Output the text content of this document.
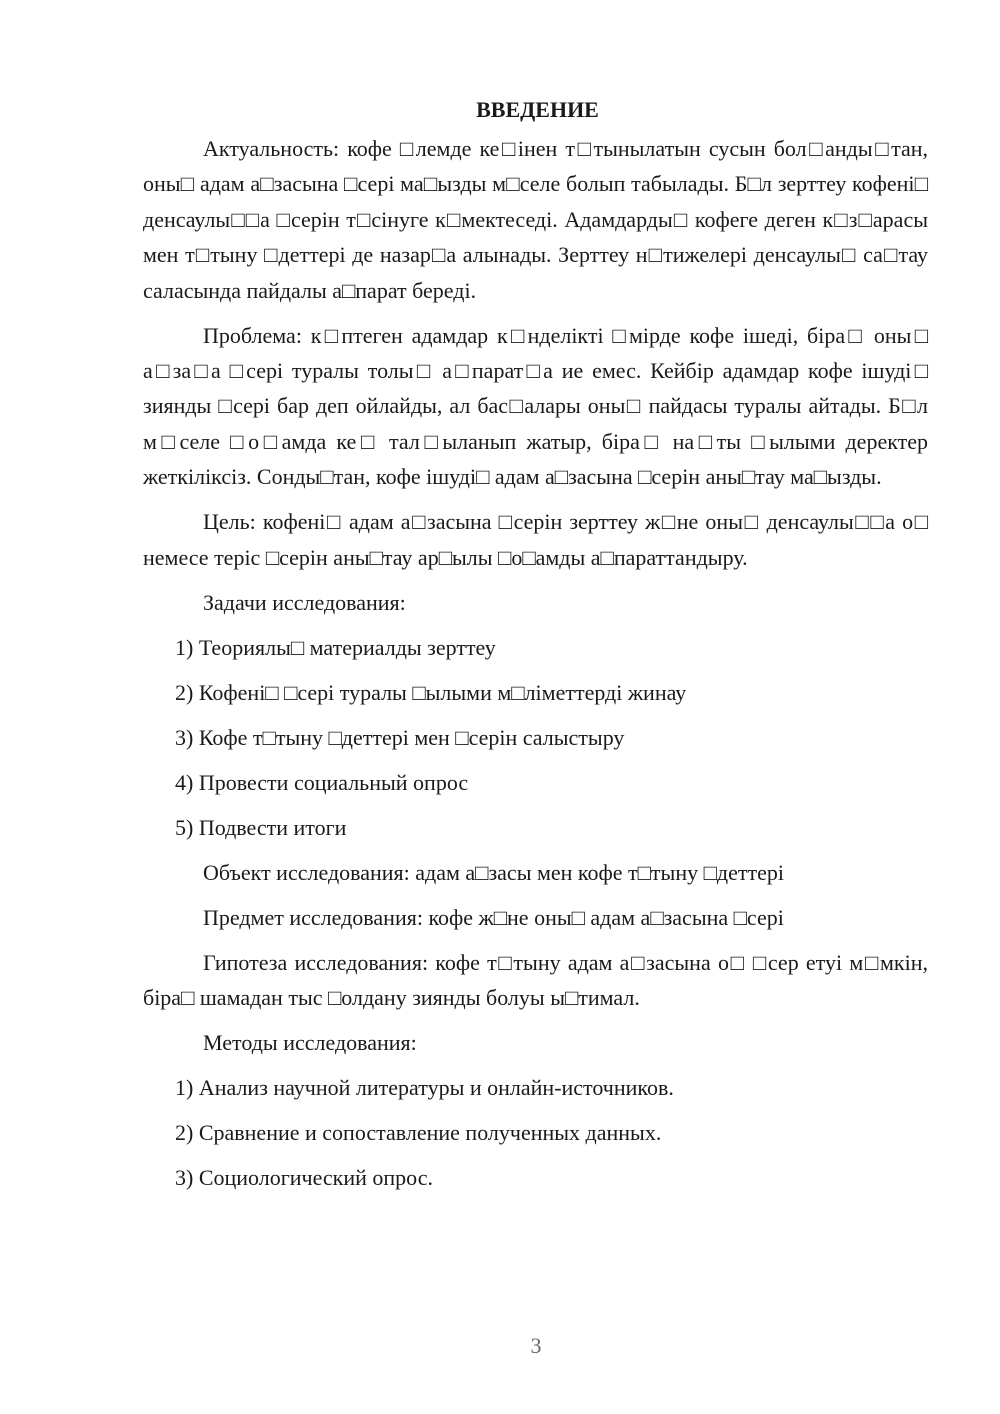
ВВЕДЕНИЕ

Актуальность: кофе □лемде ке□інен т□тынылатын сусын бол□анды□тан, оны□ адам а□засына □сері ма□ызды м□селе болып табылады. Б□л зерттеу кофені□ денсаулы□□а □серін т□сінуге к□мектеседі. Адамдарды□ кофеге деген к□з□арасы мен т□тыну □деттері де назар□а алынады. Зерттеу н□тижелері денсаулы□ са□тау саласында пайдалы а□парат береді.

Проблема: к□птеген адамдар к□нделікті □мірде кофе ішеді, біра□ оны□ а□за□а □сері туралы толы□ а□парат□а ие емес. Кейбір адамдар кофе ішуді□ зиянды □сері бар деп ойлайды, ал бас□алары оны□ пайдасы туралы айтады. Б□л м□селе □о□амда ке□ тал□ыланып жатыр, біра□ на□ты □ылыми деректер жеткіліксіз. Сонды□тан, кофе ішуді□ адам а□засына □серін аны□тау ма□ызды.

Цель: кофені□ адам а□засына □серін зерттеу ж□не оны□ денсаулы□□а о□ немесе теріс □серін аны□тау ар□ылы □о□амды а□параттандыру.

Задачи исследования:
1) Теориялы□ материалды зерттеу
2) Кофені□ □сері туралы □ылыми м□ліметтерді жинау
3) Кофе т□тыну □деттері мен □серін салыстыру
4) Провести социальный опрос
5) Подвести итоги
Объект исследования: адам а□засы мен кофе т□тыну □деттері
Предмет исследования: кофе ж□не оны□ адам а□засына □сері

Гипотеза исследования: кофе т□тыну адам а□засына о□ □сер етуі м□мкін, біра□ шамадан тыс □олдану зиянды болуы ы□тимал.

Методы исследования:
1) Анализ научной литературы и онлайн-источников.
2) Сравнение и сопоставление полученных данных.
3) Социологический опрос.
3
